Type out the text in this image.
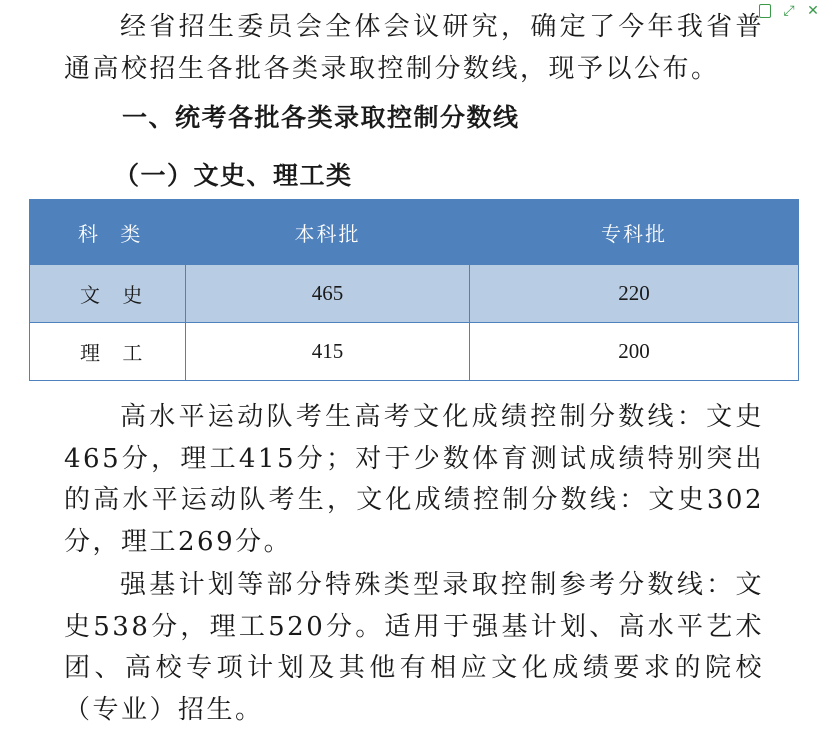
⤢ ✕

经省招生委员会全体会议研究，确定了今年我省普通高校招生各批各类录取控制分数线，现予以公布。

一、统考各批各类录取控制分数线
（一）文史、理工类
科 类	本科批	专科批
文 史	465	220
理 工	415	200

高水平运动队考生高考文化成绩控制分数线：文史465分，理工415分；对于少数体育测试成绩特别突出的高水平运动队考生，文化成绩控制分数线：文史302分，理工269分。

强基计划等部分特殊类型录取控制参考分数线：文史538分，理工520分。适用于强基计划、高水平艺术团、高校专项计划及其他有相应文化成绩要求的院校（专业）招生。
